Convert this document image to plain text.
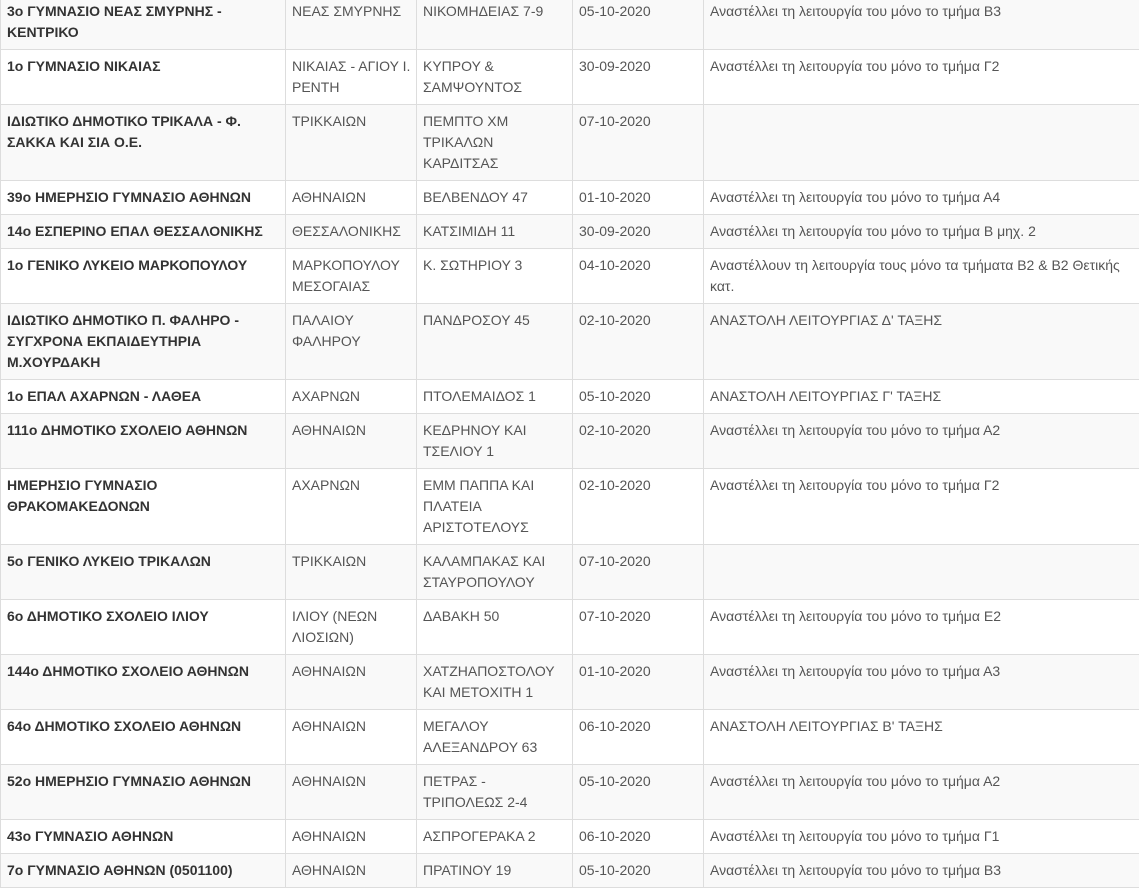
3ο ΓΥΜΝΑΣΙΟ ΝΕΑΣ ΣΜΥΡΝΗΣ - ΚΕΝΤΡΙΚΟ	ΝΕΑΣ ΣΜΥΡΝΗΣ	ΝΙΚΟΜΗΔΕΙΑΣ 7-9	05-10-2020	Αναστέλλει τη λειτουργία του μόνο το τμήμα Β3
1ο ΓΥΜΝΑΣΙΟ ΝΙΚΑΙΑΣ	ΝΙΚΑΙΑΣ - ΑΓΙΟΥ Ι. ΡΕΝΤΗ	ΚΥΠΡΟΥ & ΣΑΜΨΟΥΝΤΟΣ	30-09-2020	Αναστέλλει τη λειτουργία του μόνο το τμήμα Γ2
ΙΔΙΩΤΙΚΟ ΔΗΜΟΤΙΚΟ ΤΡΙΚΑΛΑ - Φ. ΣΑΚΚΑ ΚΑΙ ΣΙΑ Ο.Ε.	ΤΡΙΚΚΑΙΩΝ	ΠΕΜΠΤΟ ΧΜ ΤΡΙΚΑΛΩΝ ΚΑΡΔΙΤΣΑΣ	07-10-2020	
39ο ΗΜΕΡΗΣΙΟ ΓΥΜΝΑΣΙΟ ΑΘΗΝΩΝ	ΑΘΗΝΑΙΩΝ	ΒΕΛΒΕΝΔΟΥ 47	01-10-2020	Αναστέλλει τη λειτουργία του μόνο το τμήμα Α4
14ο ΕΣΠΕΡΙΝΟ ΕΠΑΛ ΘΕΣΣΑΛΟΝΙΚΗΣ	ΘΕΣΣΑΛΟΝΙΚΗΣ	ΚΑΤΣΙΜΙΔΗ 11	30-09-2020	Αναστέλλει τη λειτουργία του μόνο το τμήμα Β μηχ. 2
1ο ΓΕΝΙΚΟ ΛΥΚΕΙΟ ΜΑΡΚΟΠΟΥΛΟΥ	ΜΑΡΚΟΠΟΥΛΟΥ ΜΕΣΟΓΑΙΑΣ	Κ. ΣΩΤΗΡΙΟΥ 3	04-10-2020	Αναστέλλουν τη λειτουργία τους μόνο τα τμήματα Β2 & Β2 Θετικής κατ.
ΙΔΙΩΤΙΚΟ ΔΗΜΟΤΙΚΟ Π. ΦΑΛΗΡΟ - ΣΥΓΧΡΟΝΑ ΕΚΠΑΙΔΕΥΤΗΡΙΑ Μ.ΧΟΥΡΔΑΚΗ	ΠΑΛΑΙΟΥ ΦΑΛΗΡΟΥ	ΠΑΝΔΡΟΣΟΥ 45	02-10-2020	ΑΝΑΣΤΟΛΗ ΛΕΙΤΟΥΡΓΙΑΣ Δ' ΤΑΞΗΣ
1ο ΕΠΑΛ ΑΧΑΡΝΩΝ - ΛΑΘΕΑ	ΑΧΑΡΝΩΝ	ΠΤΟΛΕΜΑΙΔΟΣ 1	05-10-2020	ΑΝΑΣΤΟΛΗ ΛΕΙΤΟΥΡΓΙΑΣ Γ' ΤΑΞΗΣ
111ο ΔΗΜΟΤΙΚΟ ΣΧΟΛΕΙΟ ΑΘΗΝΩΝ	ΑΘΗΝΑΙΩΝ	ΚΕΔΡΗΝΟΥ ΚΑΙ ΤΣΕΛΙΟΥ 1	02-10-2020	Αναστέλλει τη λειτουργία του μόνο το τμήμα Α2
ΗΜΕΡΗΣΙΟ ΓΥΜΝΑΣΙΟ ΘΡΑΚΟΜΑΚΕΔΟΝΩΝ	ΑΧΑΡΝΩΝ	ΕΜΜ ΠΑΠΠΑ ΚΑΙ ΠΛΑΤΕΙΑ ΑΡΙΣΤΟΤΕΛΟΥΣ	02-10-2020	Αναστέλλει τη λειτουργία του μόνο το τμήμα Γ2
5ο ΓΕΝΙΚΟ ΛΥΚΕΙΟ ΤΡΙΚΑΛΩΝ	ΤΡΙΚΚΑΙΩΝ	ΚΑΛΑΜΠΑΚΑΣ ΚΑΙ ΣΤΑΥΡΟΠΟΥΛΟΥ	07-10-2020	
6ο ΔΗΜΟΤΙΚΟ ΣΧΟΛΕΙΟ ΙΛΙΟΥ	ΙΛΙΟΥ (ΝΕΩΝ ΛΙΟΣΙΩΝ)	ΔΑΒΑΚΗ 50	07-10-2020	Αναστέλλει τη λειτουργία του μόνο το τμήμα Ε2
144ο ΔΗΜΟΤΙΚΟ ΣΧΟΛΕΙΟ ΑΘΗΝΩΝ	ΑΘΗΝΑΙΩΝ	ΧΑΤΖΗΑΠΟΣΤΟΛΟΥ ΚΑΙ ΜΕΤΟΧΙΤΗ 1	01-10-2020	Αναστέλλει τη λειτουργία του μόνο το τμήμα Α3
64ο ΔΗΜΟΤΙΚΟ ΣΧΟΛΕΙΟ ΑΘΗΝΩΝ	ΑΘΗΝΑΙΩΝ	ΜΕΓΑΛΟΥ ΑΛΕΞΑΝΔΡΟΥ 63	06-10-2020	ΑΝΑΣΤΟΛΗ ΛΕΙΤΟΥΡΓΙΑΣ Β' ΤΑΞΗΣ
52ο ΗΜΕΡΗΣΙΟ ΓΥΜΝΑΣΙΟ ΑΘΗΝΩΝ	ΑΘΗΝΑΙΩΝ	ΠΕΤΡΑΣ - ΤΡΙΠΟΛΕΩΣ 2-4	05-10-2020	Αναστέλλει τη λειτουργία του μόνο το τμήμα Α2
43ο ΓΥΜΝΑΣΙΟ ΑΘΗΝΩΝ	ΑΘΗΝΑΙΩΝ	ΑΣΠΡΟΓΕΡΑΚΑ 2	06-10-2020	Αναστέλλει τη λειτουργία του μόνο το τμήμα Γ1
7ο ΓΥΜΝΑΣΙΟ ΑΘΗΝΩΝ (0501100)	ΑΘΗΝΑΙΩΝ	ΠΡΑΤΙΝΟΥ 19	05-10-2020	Αναστέλλει τη λειτουργία του μόνο το τμήμα Β3
